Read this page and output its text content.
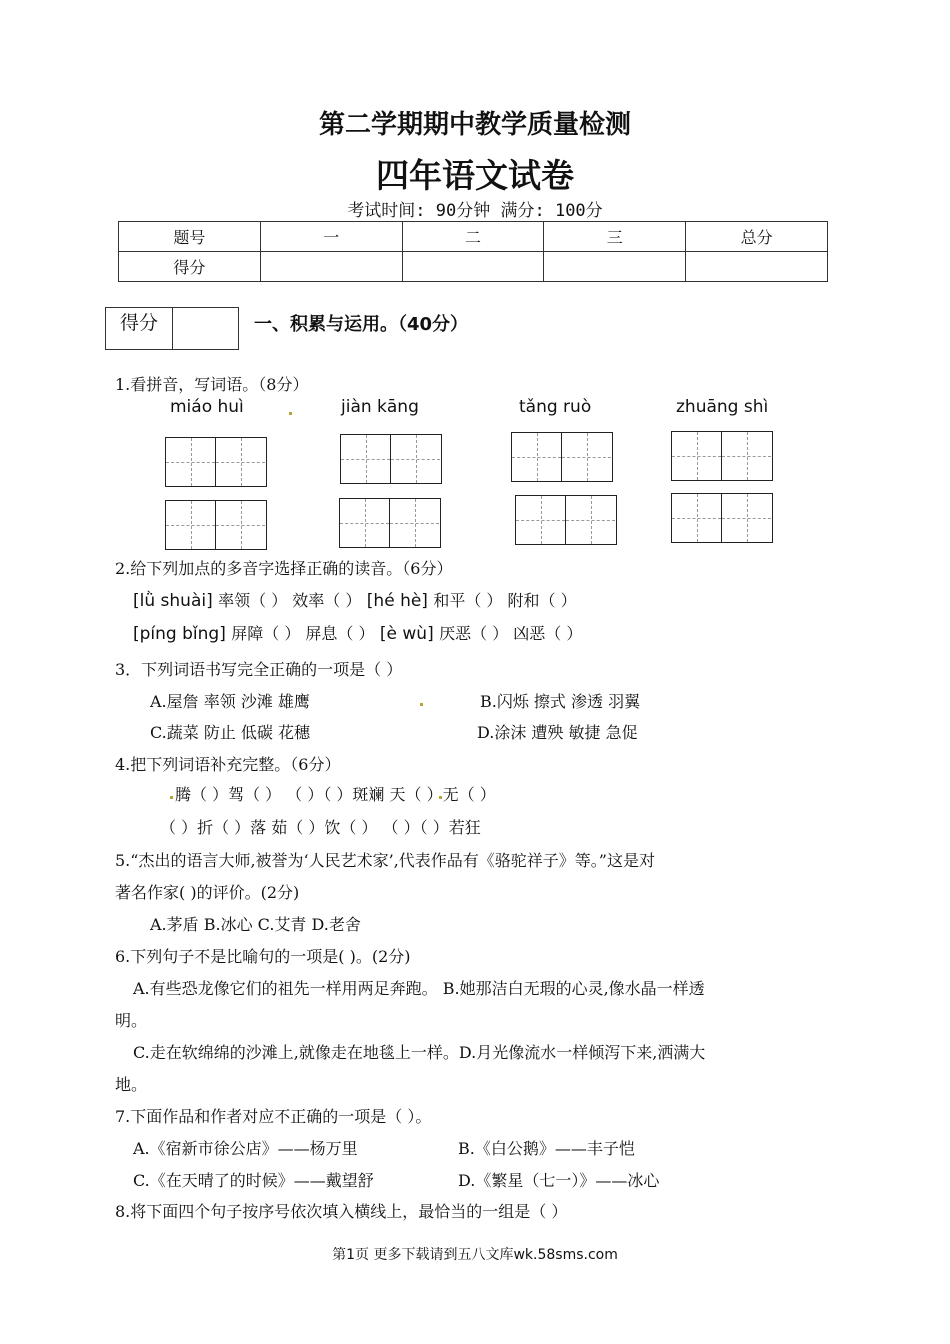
第二学期期中教学质量检测
四年语文试卷
考试时间: 90分钟 满分: 100分
题号	一	二	三	总分
得分				
得分	一、积累与运用。（40分）
1.看拼音，写词语。（8分）
miáo huì	jiàn kāng	tǎng ruò	zhuāng shì
2.给下列加点的多音字选择正确的读音。（6分）
[lǜ shuài] 率领（ ） 效率（ ） [hé hè] 和平（ ） 附和（ ）
[píng bǐng] 屏障（ ） 屏息（ ） [è wù] 厌恶（ ） 凶恶（ ）
3．下列词语书写完全正确的一项是（ ）
A.屋詹 率领 沙滩 雄鹰	B.闪烁 擦式 渗透 羽翼
C.蔬菜 防止 低碳 花穗	D.涂沫 遭殃 敏捷 急促
4.把下列词语补充完整。（6分）
腾（ ）驾（ ） （ ）（ ）斑斓 天（ ）无（ ）
（ ）折（ ）落 茹（ ）饮（ ） （ ）（ ）若狂
5.“杰出的语言大师,被誉为‘人民艺术家’,代表作品有《骆驼祥子》等。”这是对
著名作家( )的评价。(2分)
A.茅盾 B.冰心 C.艾青 D.老舍
6.下列句子不是比喻句的一项是( )。(2分)
A.有些恐龙像它们的祖先一样用两足奔跑。 B.她那洁白无瑕的心灵,像水晶一样透
明。
C.走在软绵绵的沙滩上,就像走在地毯上一样。D.月光像流水一样倾泻下来,洒满大
地。
7.下面作品和作者对应不正确的一项是（ ）。
A.《宿新市徐公店》——杨万里	B.《白公鹅》——丰子恺
C.《在天晴了的时候》——戴望舒	D.《繁星（七一）》——冰心
8.将下面四个句子按序号依次填入横线上，最恰当的一组是（ ）
第1页 更多下载请到五八文库wk.58sms.com
